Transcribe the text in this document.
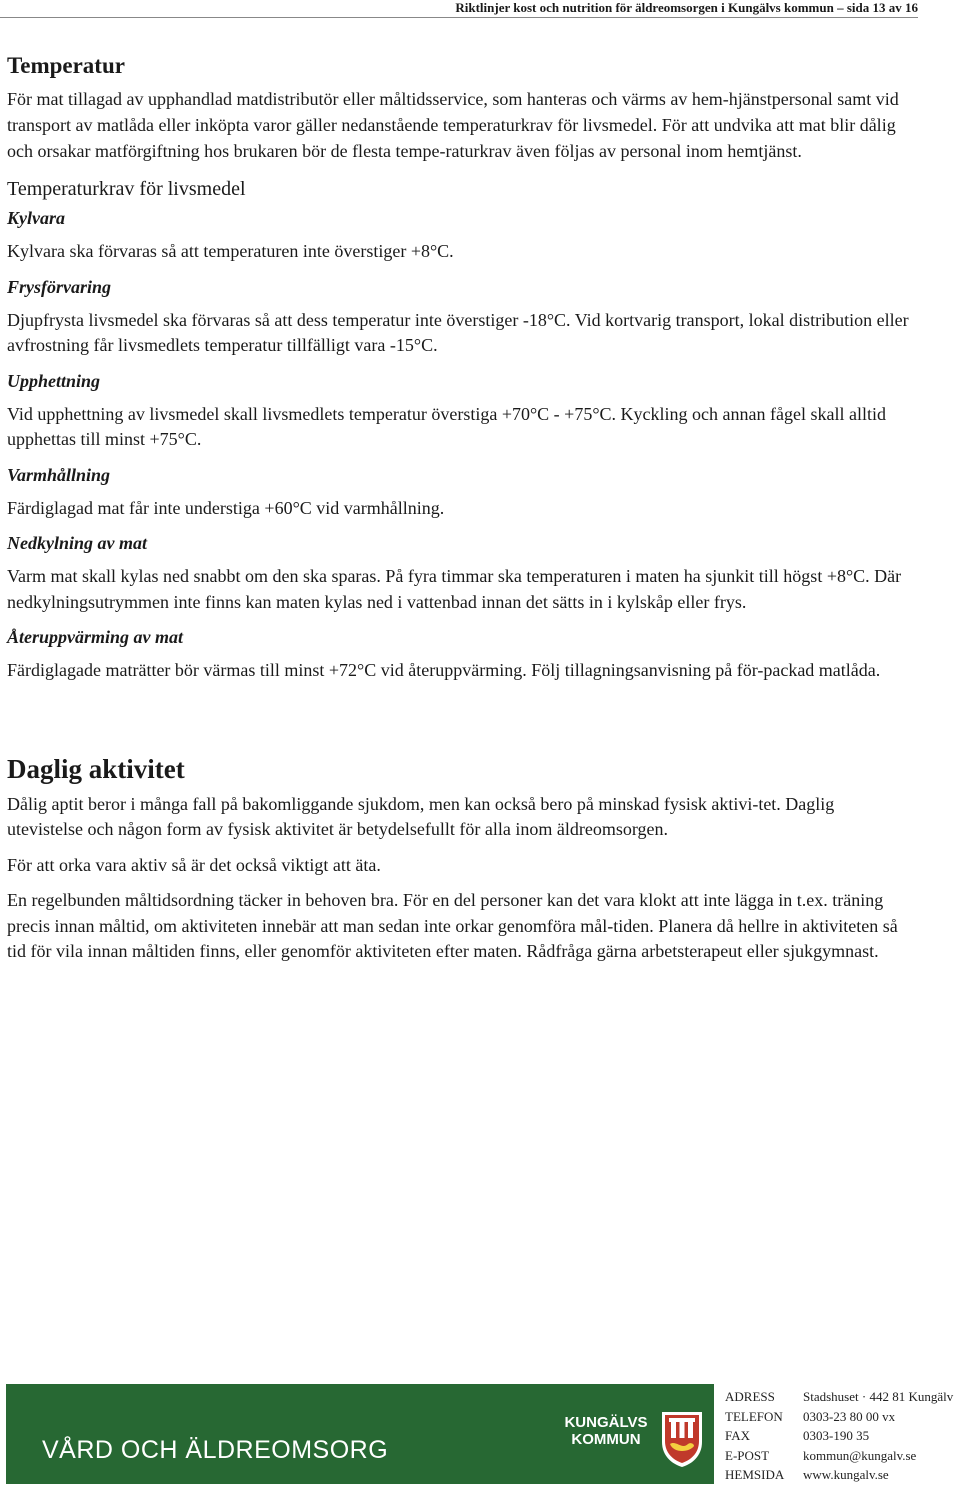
Riktlinjer kost och nutrition för äldreomsorgen i Kungälvs kommun – sida 13 av 16
Temperatur

För mat tillagad av upphandlad matdistributör eller måltidsservice, som hanteras och värms av hem-hjänstpersonal samt vid transport av matlåda eller inköpta varor gäller nedanstående temperaturkrav för livsmedel. För att undvika att mat blir dålig och orsakar matförgiftning hos brukaren bör de flesta tempe-raturkrav även följas av personal inom hemtjänst.

Temperaturkrav för livsmedel
Kylvara

Kylvara ska förvaras så att temperaturen inte överstiger +8°C.

Frysförvaring

Djupfrysta livsmedel ska förvaras så att dess temperatur inte överstiger -18°C. Vid kortvarig transport, lokal distribution eller avfrostning får livsmedlets temperatur tillfälligt vara -15°C.

Upphettning

Vid upphettning av livsmedel skall livsmedlets temperatur överstiga +70°C - +75°C. Kyckling och annan fågel skall alltid upphettas till minst +75°C.

Varmhållning

Färdiglagad mat får inte understiga +60°C vid varmhållning.

Nedkylning av mat

Varm mat skall kylas ned snabbt om den ska sparas. På fyra timmar ska temperaturen i maten ha sjunkit till högst +8°C. Där nedkylningsutrymmen inte finns kan maten kylas ned i vattenbad innan det sätts in i kylskåp eller frys.

Återuppvärming av mat

Färdiglagade maträtter bör värmas till minst +72°C vid återuppvärming. Följ tillagningsanvisning på för-packad matlåda.

Daglig aktivitet

Dålig aptit beror i många fall på bakomliggande sjukdom, men kan också bero på minskad fysisk aktivi-tet. Daglig utevistelse och någon form av fysisk aktivitet är betydelsefullt för alla inom äldreomsorgen.

För att orka vara aktiv så är det också viktigt att äta.

En regelbunden måltidsordning täcker in behoven bra. För en del personer kan det vara klokt att inte lägga in t.ex. träning precis innan måltid, om aktiviteten innebär att man sedan inte orkar genomföra mål-tiden. Planera då hellre in aktiviteten så tid för vila innan måltiden finns, eller genomför aktiviteten efter maten. Rådfråga gärna arbetsterapeut eller sjukgymnast.

VÅRD OCH ÄLDREOMSORG
KUNGÄLVS
KOMMUN
ADRESS	Stadshuset · 442 81 Kungälv
TELEFON	0303-23 80 00 vx
FAX	0303-190 35
E-POST	kommun@kungalv.se
HEMSIDA	www.kungalv.se
